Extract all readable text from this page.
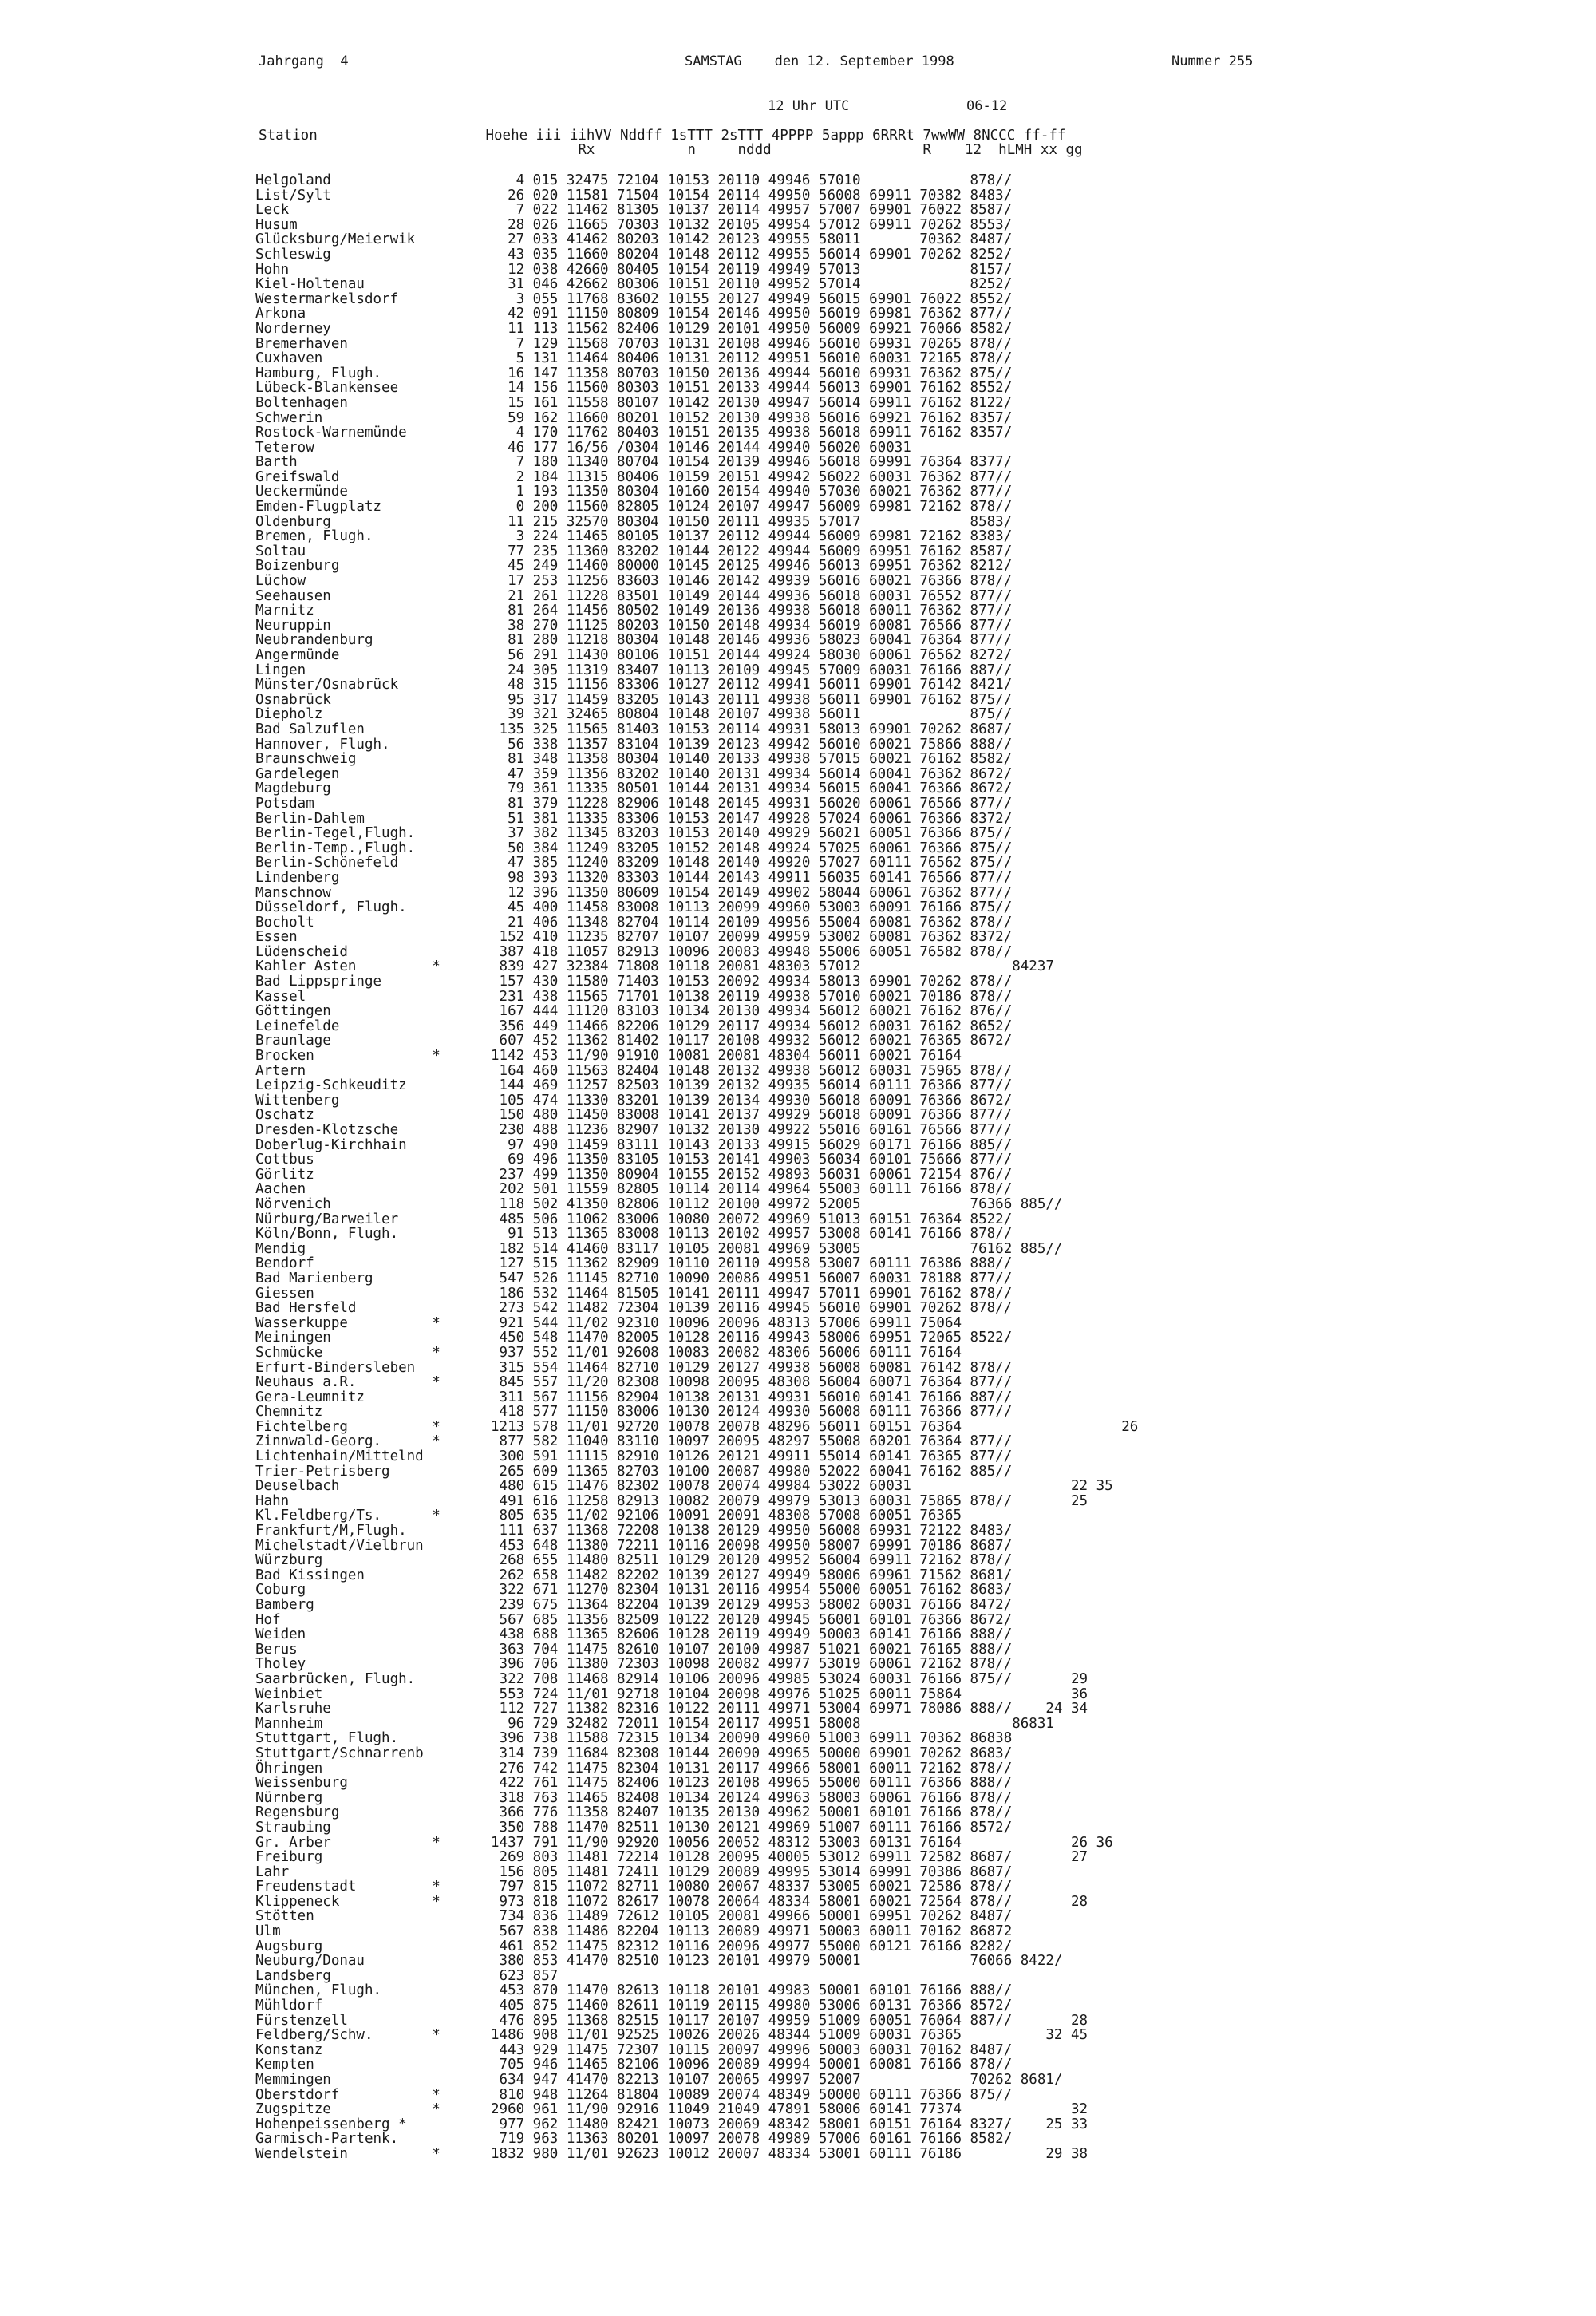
Jahrgang  4	SAMSTAG    den 12. September 1998	Nummer 255
12 Uhr UTC	06-12
Station                    Hoehe iii iihVV Nddff 1sTTT 2sTTT 4PPPP 5appp 6RRRt 7wwWW 8NCCC ff-ff
Rx           n     nddd                  R    12  hLMH xx gg
Helgoland                      4 015 32475 72104 10153 20110 49946 57010             878//
List/Sylt                     26 020 11581 71504 10154 20114 49950 56008 69911 70382 8483/
Leck                           7 022 11462 81305 10137 20114 49957 57007 69901 76022 8587/
Husum                         28 026 11665 70303 10132 20105 49954 57012 69911 70262 8553/
Glücksburg/Meierwik           27 033 41462 80203 10142 20123 49955 58011       70362 8487/
Schleswig                     43 035 11660 80204 10148 20112 49955 56014 69901 70262 8252/
Hohn                          12 038 42660 80405 10154 20119 49949 57013             8157/
Kiel-Holtenau                 31 046 42662 80306 10151 20110 49952 57014             8252/
Westermarkelsdorf              3 055 11768 83602 10155 20127 49949 56015 69901 76022 8552/
Arkona                        42 091 11150 80809 10154 20146 49950 56019 69981 76362 877//
Norderney                     11 113 11562 82406 10129 20101 49950 56009 69921 76066 8582/
Bremerhaven                    7 129 11568 70703 10131 20108 49946 56010 69931 70265 878//
Cuxhaven                       5 131 11464 80406 10131 20112 49951 56010 60031 72165 878//
Hamburg, Flugh.               16 147 11358 80703 10150 20136 49944 56010 69931 76362 875//
Lübeck-Blankensee             14 156 11560 80303 10151 20133 49944 56013 69901 76162 8552/
Boltenhagen                   15 161 11558 80107 10142 20130 49947 56014 69911 76162 8122/
Schwerin                      59 162 11660 80201 10152 20130 49938 56016 69921 76162 8357/
Rostock-Warnemünde             4 170 11762 80403 10151 20135 49938 56018 69911 76162 8357/
Teterow                       46 177 16/56 /0304 10146 20144 49940 56020 60031
Barth                          7 180 11340 80704 10154 20139 49946 56018 69991 76364 8377/
Greifswald                     2 184 11315 80406 10159 20151 49942 56022 60031 76362 877//
Ueckermünde                    1 193 11350 80304 10160 20154 49940 57030 60021 76362 877//
Emden-Flugplatz                0 200 11560 82805 10124 20107 49947 56009 69981 72162 878//
Oldenburg                     11 215 32570 80304 10150 20111 49935 57017             8583/
Bremen, Flugh.                 3 224 11465 80105 10137 20112 49944 56009 69981 72162 8383/
Soltau                        77 235 11360 83202 10144 20122 49944 56009 69951 76162 8587/
Boizenburg                    45 249 11460 80000 10145 20125 49946 56013 69951 76362 8212/
Lüchow                        17 253 11256 83603 10146 20142 49939 56016 60021 76366 878//
Seehausen                     21 261 11228 83501 10149 20144 49936 56018 60031 76552 877//
Marnitz                       81 264 11456 80502 10149 20136 49938 56018 60011 76362 877//
Neuruppin                     38 270 11125 80203 10150 20148 49934 56019 60081 76566 877//
Neubrandenburg                81 280 11218 80304 10148 20146 49936 58023 60041 76364 877//
Angermünde                    56 291 11430 80106 10151 20144 49924 58030 60061 76562 8272/
Lingen                        24 305 11319 83407 10113 20109 49945 57009 60031 76166 887//
Münster/Osnabrück             48 315 11156 83306 10127 20112 49941 56011 69901 76142 8421/
Osnabrück                     95 317 11459 83205 10143 20111 49938 56011 69901 76162 875//
Diepholz                      39 321 32465 80804 10148 20107 49938 56011             875//
Bad Salzuflen                135 325 11565 81403 10153 20114 49931 58013 69901 70262 8687/
Hannover, Flugh.              56 338 11357 83104 10139 20123 49942 56010 60021 75866 888//
Braunschweig                  81 348 11358 80304 10140 20133 49938 57015 60021 76162 8582/
Gardelegen                    47 359 11356 83202 10140 20131 49934 56014 60041 76362 8672/
Magdeburg                     79 361 11335 80501 10144 20131 49934 56015 60041 76366 8672/
Potsdam                       81 379 11228 82906 10148 20145 49931 56020 60061 76566 877//
Berlin-Dahlem                 51 381 11335 83306 10153 20147 49928 57024 60061 76366 8372/
Berlin-Tegel,Flugh.           37 382 11345 83203 10153 20140 49929 56021 60051 76366 875//
Berlin-Temp.,Flugh.           50 384 11249 83205 10152 20148 49924 57025 60061 76366 875//
Berlin-Schönefeld             47 385 11240 83209 10148 20140 49920 57027 60111 76562 875//
Lindenberg                    98 393 11320 83303 10144 20143 49911 56035 60141 76566 877//
Manschnow                     12 396 11350 80609 10154 20149 49902 58044 60061 76362 877//
Düsseldorf, Flugh.            45 400 11458 83008 10113 20099 49960 53003 60091 76166 875//
Bocholt                       21 406 11348 82704 10114 20109 49956 55004 60081 76362 878//
Essen                        152 410 11235 82707 10107 20099 49959 53002 60081 76362 8372/
Lüdenscheid                  387 418 11057 82913 10096 20083 49948 55006 60051 76582 878//
Kahler Asten         *       839 427 32384 71808 10118 20081 48303 57012                  84237
Bad Lippspringe              157 430 11580 71403 10153 20092 49934 58013 69901 70262 878//
Kassel                       231 438 11565 71701 10138 20119 49938 57010 60021 70186 878//
Göttingen                    167 444 11120 83103 10134 20130 49934 56012 60021 76162 876//
Leinefelde                   356 449 11466 82206 10129 20117 49934 56012 60031 76162 8652/
Braunlage                    607 452 11362 81402 10117 20108 49932 56012 60021 76365 8672/
Brocken              *      1142 453 11/90 91910 10081 20081 48304 56011 60021 76164
Artern                       164 460 11563 82404 10148 20132 49938 56012 60031 75965 878//
Leipzig-Schkeuditz           144 469 11257 82503 10139 20132 49935 56014 60111 76366 877//
Wittenberg                   105 474 11330 83201 10139 20134 49930 56018 60091 76366 8672/
Oschatz                      150 480 11450 83008 10141 20137 49929 56018 60091 76366 877//
Dresden-Klotzsche            230 488 11236 82907 10132 20130 49922 55016 60161 76566 877//
Doberlug-Kirchhain            97 490 11459 83111 10143 20133 49915 56029 60171 76166 885//
Cottbus                       69 496 11350 83105 10153 20141 49903 56034 60101 75666 877//
Görlitz                      237 499 11350 80904 10155 20152 49893 56031 60061 72154 876//
Aachen                       202 501 11559 82805 10114 20114 49964 55003 60111 76166 878//
Nörvenich                    118 502 41350 82806 10112 20100 49972 52005             76366 885//
Nürburg/Barweiler            485 506 11062 83006 10080 20072 49969 51013 60151 76364 8522/
Köln/Bonn, Flugh.             91 513 11365 83008 10113 20102 49957 53008 60141 76166 878//
Mendig                       182 514 41460 83117 10105 20081 49969 53005             76162 885//
Bendorf                      127 515 11362 82909 10110 20110 49958 53007 60111 76386 888//
Bad Marienberg               547 526 11145 82710 10090 20086 49951 56007 60031 78188 877//
Giessen                      186 532 11464 81505 10141 20111 49947 57011 69901 76162 878//
Bad Hersfeld                 273 542 11482 72304 10139 20116 49945 56010 69901 70262 878//
Wasserkuppe          *       921 544 11/02 92310 10096 20096 48313 57006 69911 75064
Meiningen                    450 548 11470 82005 10128 20116 49943 58006 69951 72065 8522/
Schmücke             *       937 552 11/01 92608 10083 20082 48306 56006 60111 76164
Erfurt-Bindersleben          315 554 11464 82710 10129 20127 49938 56008 60081 76142 878//
Neuhaus a.R.         *       845 557 11/20 82308 10098 20095 48308 56004 60071 76364 877//
Gera-Leumnitz                311 567 11156 82904 10138 20131 49931 56010 60141 76166 887//
Chemnitz                     418 577 11150 83006 10130 20124 49930 56008 60111 76366 877//
Fichtelberg          *      1213 578 11/01 92720 10078 20078 48296 56011 60151 76364                   26
Zinnwald-Georg.      *       877 582 11040 83110 10097 20095 48297 55008 60201 76364 877//
Lichtenhain/Mittelnd         300 591 11115 82910 10126 20121 49911 55014 60141 76365 877//
Trier-Petrisberg             265 609 11365 82703 10100 20087 49980 52022 60041 76162 885//
Deuselbach                   480 615 11476 82302 10078 20074 49984 53022 60031                   22 35
Hahn                         491 616 11258 82913 10082 20079 49979 53013 60031 75865 878//       25
Kl.Feldberg/Ts.      *       805 635 11/02 92106 10091 20091 48308 57008 60051 76365
Frankfurt/M,Flugh.           111 637 11368 72208 10138 20129 49950 56008 69931 72122 8483/
Michelstadt/Vielbrun         453 648 11380 72211 10116 20098 49950 58007 69991 70186 8687/
Würzburg                     268 655 11480 82511 10129 20120 49952 56004 69911 72162 878//
Bad Kissingen                262 658 11482 82202 10139 20127 49949 58006 69961 71562 8681/
Coburg                       322 671 11270 82304 10131 20116 49954 55000 60051 76162 8683/
Bamberg                      239 675 11364 82204 10139 20129 49953 58002 60031 76166 8472/
Hof                          567 685 11356 82509 10122 20120 49945 56001 60101 76366 8672/
Weiden                       438 688 11365 82606 10128 20119 49949 50003 60141 76166 888//
Berus                        363 704 11475 82610 10107 20100 49987 51021 60021 76165 888//
Tholey                       396 706 11380 72303 10098 20082 49977 53019 60061 72162 878//
Saarbrücken, Flugh.          322 708 11468 82914 10106 20096 49985 53024 60031 76166 875//       29
Weinbiet                     553 724 11/01 92718 10104 20098 49976 51025 60011 75864             36
Karlsruhe                    112 727 11382 82316 10122 20111 49971 53004 69971 78086 888//    24 34
Mannheim                      96 729 32482 72011 10154 20117 49951 58008                  86831
Stuttgart, Flugh.            396 738 11588 72315 10134 20090 49960 51003 69911 70362 86838
Stuttgart/Schnarrenb         314 739 11684 82308 10144 20090 49965 50000 69901 70262 8683/
Öhringen                     276 742 11475 82304 10131 20117 49966 58001 60011 72162 878//
Weissenburg                  422 761 11475 82406 10123 20108 49965 55000 60111 76366 888//
Nürnberg                     318 763 11465 82408 10134 20124 49963 58003 60061 76166 878//
Regensburg                   366 776 11358 82407 10135 20130 49962 50001 60101 76166 878//
Straubing                    350 788 11470 82511 10130 20121 49969 51007 60111 76166 8572/
Gr. Arber            *      1437 791 11/90 92920 10056 20052 48312 53003 60131 76164             26 36
Freiburg                     269 803 11481 72214 10128 20095 40005 53012 69911 72582 8687/       27
Lahr                         156 805 11481 72411 10129 20089 49995 53014 69991 70386 8687/
Freudenstadt         *       797 815 11072 82711 10080 20067 48337 53005 60021 72586 878//
Klippeneck           *       973 818 11072 82617 10078 20064 48334 58001 60021 72564 878//       28
Stötten                      734 836 11489 72612 10105 20081 49966 50001 69951 70262 8487/
Ulm                          567 838 11486 82204 10113 20089 49971 50003 60011 70162 86872
Augsburg                     461 852 11475 82312 10116 20096 49977 55000 60121 76166 8282/
Neuburg/Donau                380 853 41470 82510 10123 20101 49979 50001             76066 8422/
Landsberg                    623 857
München, Flugh.              453 870 11470 82613 10118 20101 49983 50001 60101 76166 888//
Mühldorf                     405 875 11460 82611 10119 20115 49980 53006 60131 76366 8572/
Fürstenzell                  476 895 11368 82515 10117 20107 49959 51009 60051 76064 887//       28
Feldberg/Schw.       *      1486 908 11/01 92525 10026 20026 48344 51009 60031 76365          32 45
Konstanz                     443 929 11475 72307 10115 20097 49996 50003 60031 70162 8487/
Kempten                      705 946 11465 82106 10096 20089 49994 50001 60081 76166 878//
Memmingen                    634 947 41470 82213 10107 20065 49997 52007             70262 8681/
Oberstdorf           *       810 948 11264 81804 10089 20074 48349 50000 60111 76366 875//
Zugspitze            *      2960 961 11/90 92916 11049 21049 47891 58006 60141 77374             32
Hohenpeissenberg *           977 962 11480 82421 10073 20069 48342 58001 60151 76164 8327/    25 33
Garmisch-Partenk.            719 963 11363 80201 10097 20078 49989 57006 60161 76166 8582/
Wendelstein          *      1832 980 11/01 92623 10012 20007 48334 53001 60111 76186          29 38
